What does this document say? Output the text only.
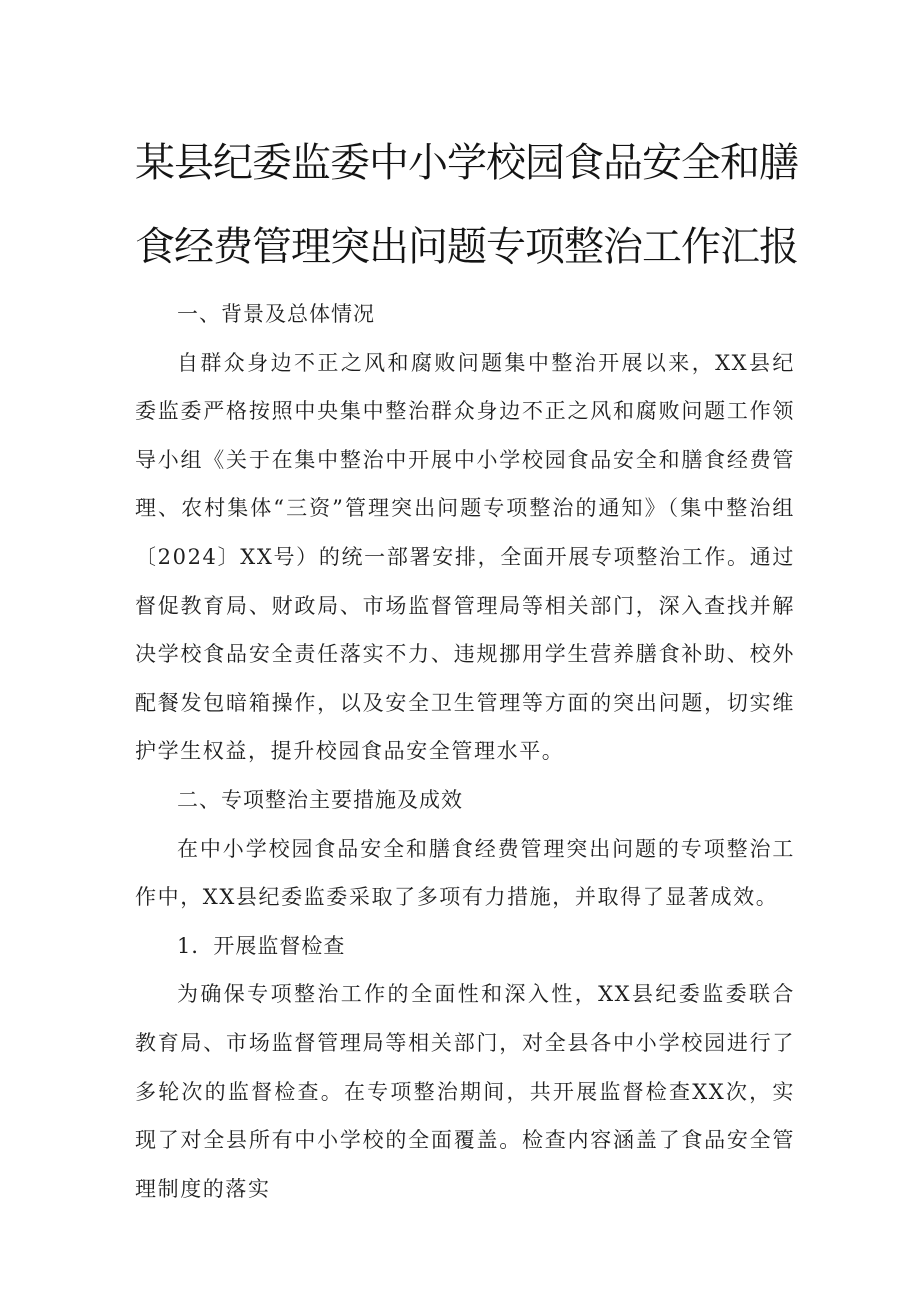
某县纪委监委中小学校园食品安全和膳
食经费管理突出问题专项整治工作汇报

一、背景及总体情况

自群众身边不正之风和腐败问题集中整治开展以来，XX县纪委监委严格按照中央集中整治群众身边不正之风和腐败问题工作领导小组《关于在集中整治中开展中小学校园食品安全和膳食经费管理、农村集体“三资”管理突出问题专项整治的通知》（集中整治组〔2024〕XX号）的统一部署安排，全面开展专项整治工作。通过督促教育局、财政局、市场监督管理局等相关部门，深入查找并解决学校食品安全责任落实不力、违规挪用学生营养膳食补助、校外配餐发包暗箱操作，以及安全卫生管理等方面的突出问题，切实维护学生权益，提升校园食品安全管理水平。

二、专项整治主要措施及成效

在中小学校园食品安全和膳食经费管理突出问题的专项整治工作中，XX县纪委监委采取了多项有力措施，并取得了显著成效。

1．开展监督检查

为确保专项整治工作的全面性和深入性，XX县纪委监委联合教育局、市场监督管理局等相关部门，对全县各中小学校园进行了多轮次的监督检查。在专项整治期间，共开展监督检查XX次，实现了对全县所有中小学校的全面覆盖。检查内容涵盖了食品安全管理制度的落实
